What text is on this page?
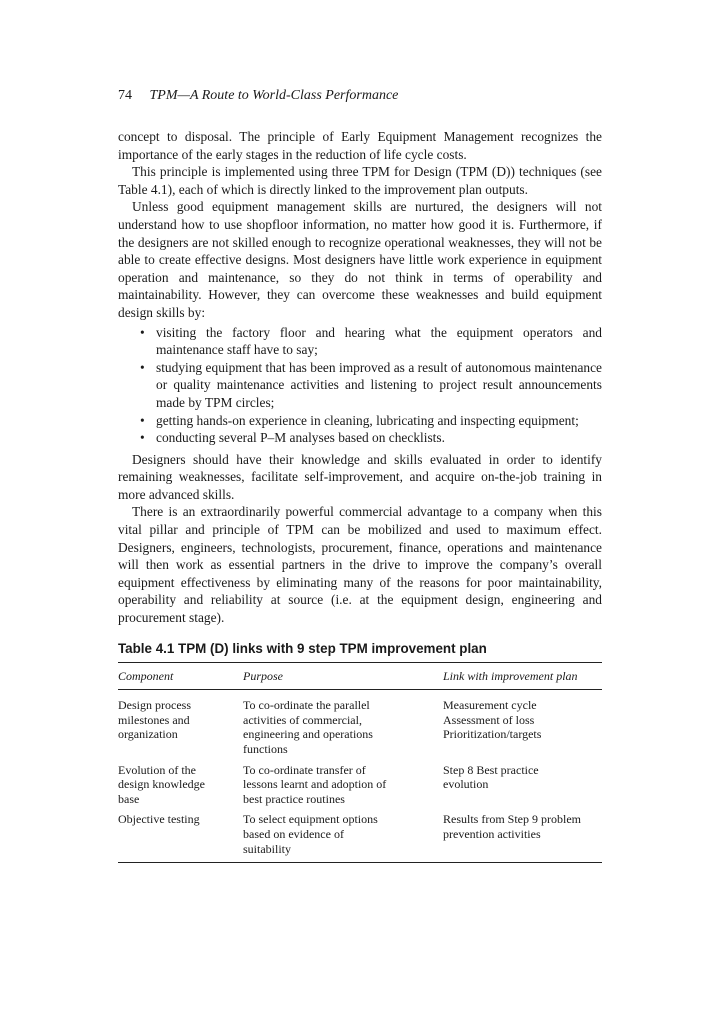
74 TPM—A Route to World-Class Performance

concept to disposal. The principle of Early Equipment Management recognizes the importance of the early stages in the reduction of life cycle costs.

This principle is implemented using three TPM for Design (TPM (D)) techniques (see Table 4.1), each of which is directly linked to the improvement plan outputs.

Unless good equipment management skills are nurtured, the designers will not understand how to use shopfloor information, no matter how good it is. Furthermore, if the designers are not skilled enough to recognize operational weaknesses, they will not be able to create effective designs. Most designers have little work experience in equipment operation and maintenance, so they do not think in terms of operability and maintainability. However, they can overcome these weaknesses and build equipment design skills by:

• visiting the factory floor and hearing what the equipment operators and maintenance staff have to say;
• studying equipment that has been improved as a result of autonomous maintenance or quality maintenance activities and listening to project result announcements made by TPM circles;
• getting hands-on experience in cleaning, lubricating and inspecting equipment;
• conducting several P–M analyses based on checklists.

Designers should have their knowledge and skills evaluated in order to identify remaining weaknesses, facilitate self-improvement, and acquire on-the-job training in more advanced skills.

There is an extraordinarily powerful commercial advantage to a company when this vital pillar and principle of TPM can be mobilized and used to maximum effect. Designers, engineers, technologists, procurement, finance, operations and maintenance will then work as essential partners in the drive to improve the company’s overall equipment effectiveness by eliminating many of the reasons for poor maintainability, operability and reliability at source (i.e. at the equipment design, engineering and procurement stage).

Table 4.1 TPM (D) links with 9 step TPM improvement plan
Component	Purpose	Link with improvement plan

Design process
milestones and
organization	To co-ordinate the parallel
activities of commercial,
engineering and operations
functions	Measurement cycle
Assessment of loss
Prioritization/targets

Evolution of the
design knowledge
base	To co-ordinate transfer of
lessons learnt and adoption of
best practice routines	Step 8 Best practice
evolution

Objective testing	To select equipment options
based on evidence of
suitability	Results from Step 9 problem
prevention activities
